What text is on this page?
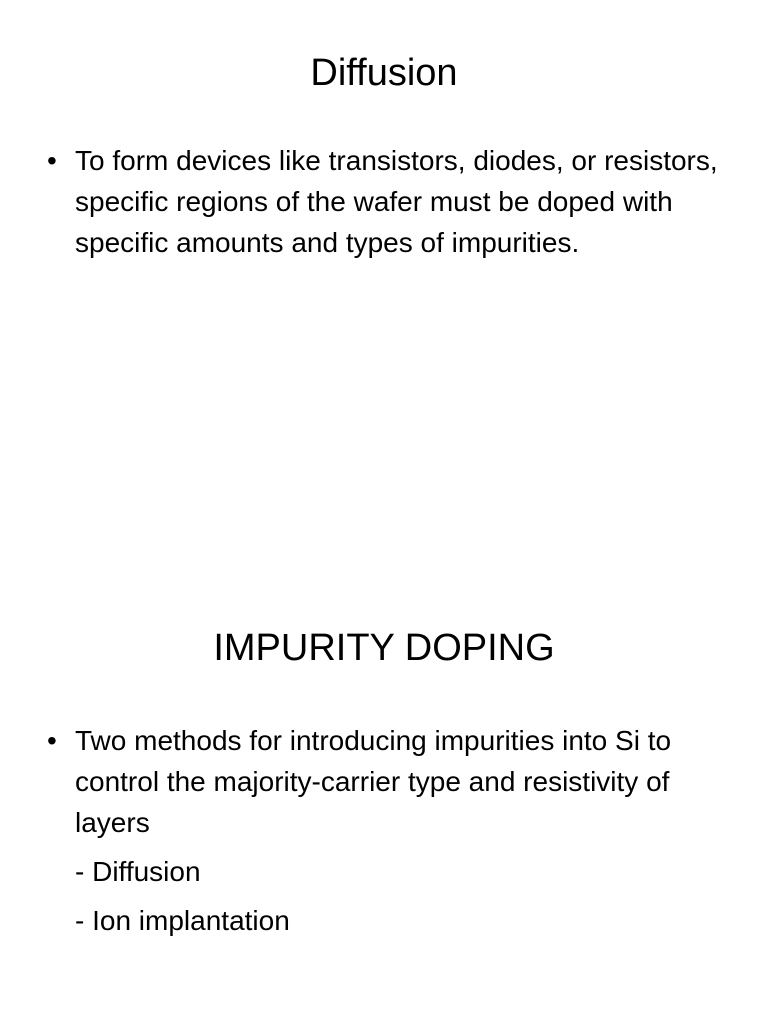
Diffusion

• To form devices like transistors, diodes, or resistors, specific regions of the wafer must be doped with specific amounts and types of impurities.

IMPURITY DOPING

• Two methods for introducing impurities into Si to control the majority-carrier type and resistivity of layers

- Diffusion
- Ion implantation
